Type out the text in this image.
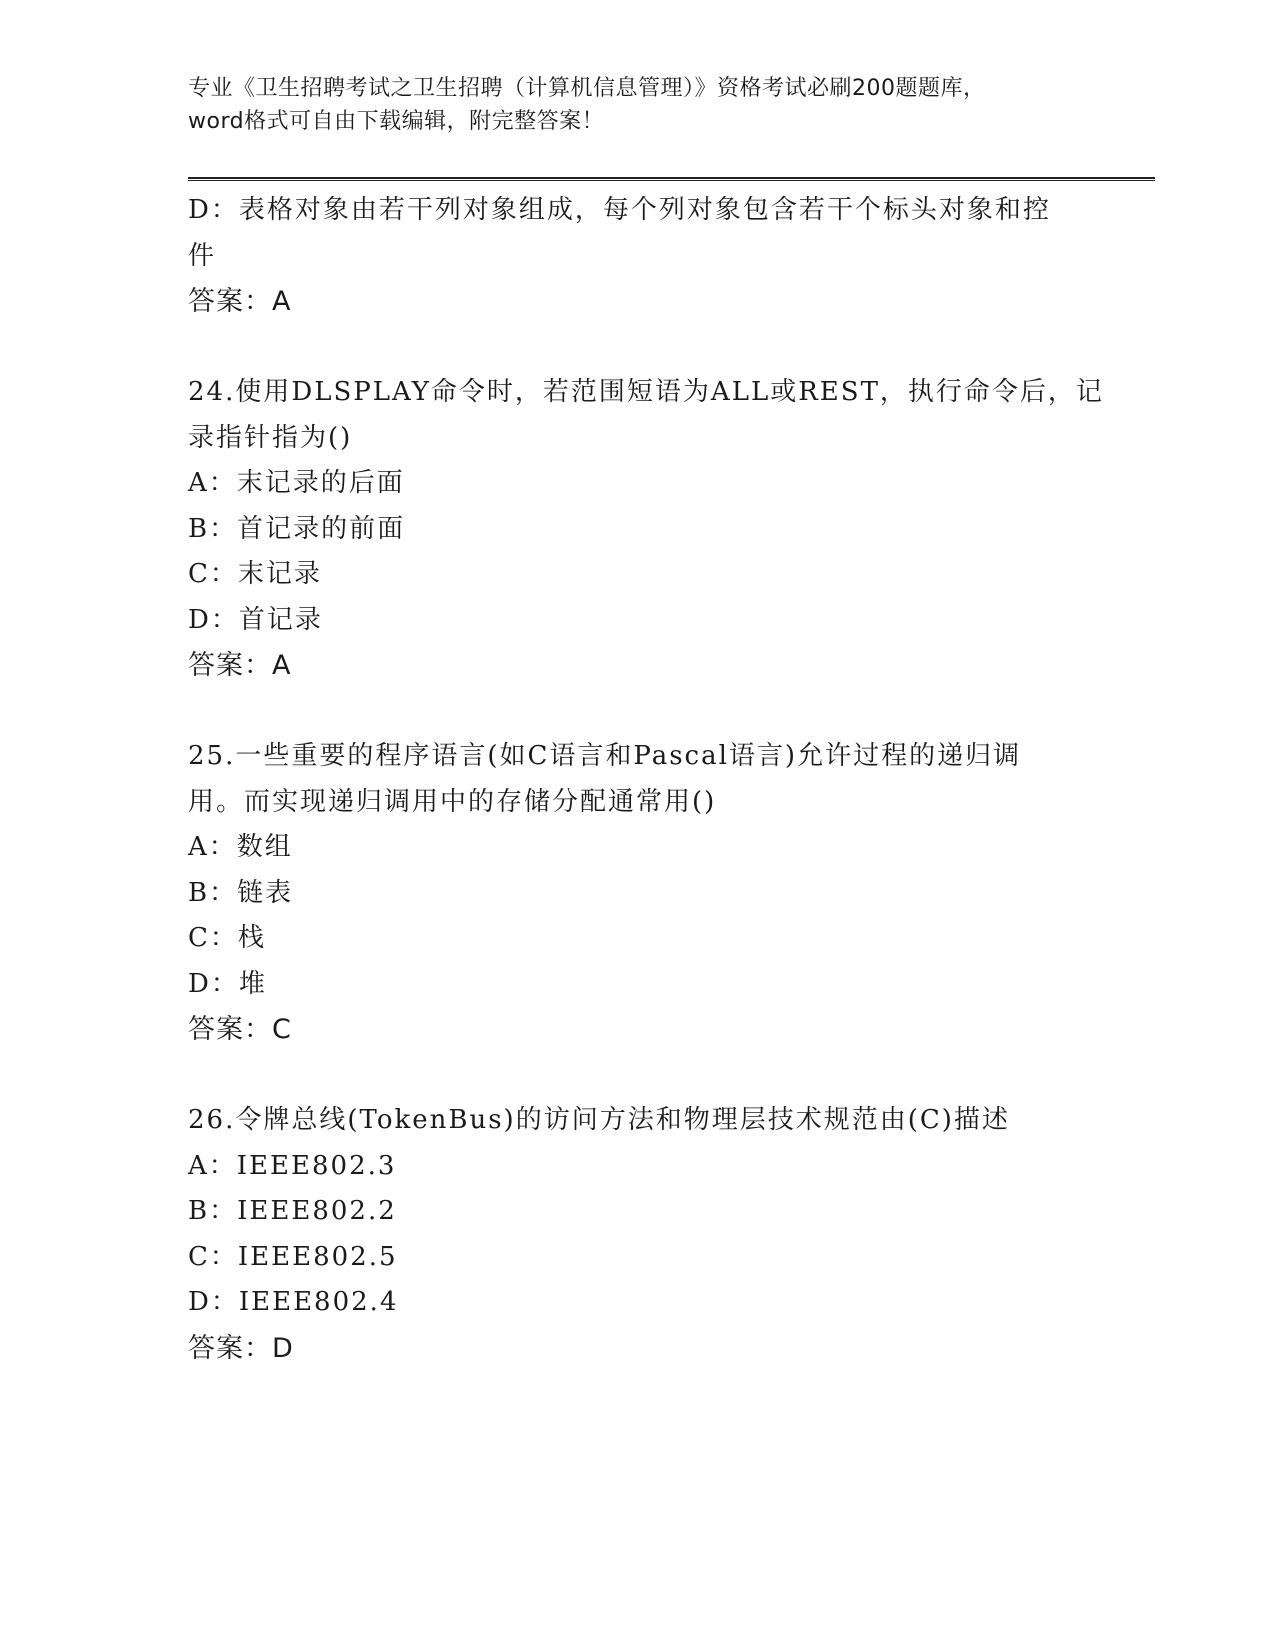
专业《卫生招聘考试之卫生招聘（计算机信息管理）》资格考试必刷200题题库，
word格式可自由下载编辑，附完整答案！
D：表格对象由若干列对象组成，每个列对象包含若干个标头对象和控
件
答案：A
24.使用DLSPLAY命令时，若范围短语为ALL或REST，执行命令后，记
录指针指为()
A：末记录的后面
B：首记录的前面
C：末记录
D：首记录
答案：A
25.一些重要的程序语言(如C语言和Pascal语言)允许过程的递归调
用。而实现递归调用中的存储分配通常用()
A：数组
B：链表
C：栈
D：堆
答案：C
26.令牌总线(TokenBus)的访问方法和物理层技术规范由(C)描述
A：IEEE802.3
B：IEEE802.2
C：IEEE802.5
D：IEEE802.4
答案：D
